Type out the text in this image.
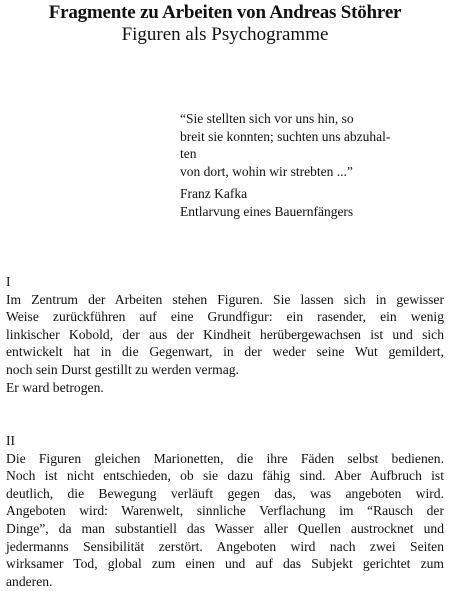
Fragmente zu Arbeiten von Andreas Stöhrer
Figuren als Psychogramme
“Sie stellten sich vor uns hin, so
breit sie konnten; suchten uns abzuhal-
ten
von dort, wohin wir strebten ...”
Franz Kafka
Entlarvung eines Bauernfängers
I
Im Zentrum der Arbeiten stehen Figuren. Sie lassen sich in gewisser
Weise zurückführen auf eine Grundfigur: ein rasender, ein wenig
linkischer Kobold, der aus der Kindheit herübergewachsen ist und sich
entwickelt hat in die Gegenwart, in der weder seine Wut gemildert,
noch sein Durst gestillt zu werden vermag.
Er ward betrogen.
II
Die Figuren gleichen Marionetten, die ihre Fäden selbst bedienen.
Noch ist nicht entschieden, ob sie dazu fähig sind. Aber Aufbruch ist
deutlich, die Bewegung verläuft gegen das, was angeboten wird.
Angeboten wird: Warenwelt, sinnliche Verflachung im “Rausch der
Dinge”, da man substantiell das Wasser aller Quellen austrocknet und
jedermanns Sensibilität zerstört. Angeboten wird nach zwei Seiten
wirksamer Tod, global zum einen und auf das Subjekt gerichtet zum
anderen.
